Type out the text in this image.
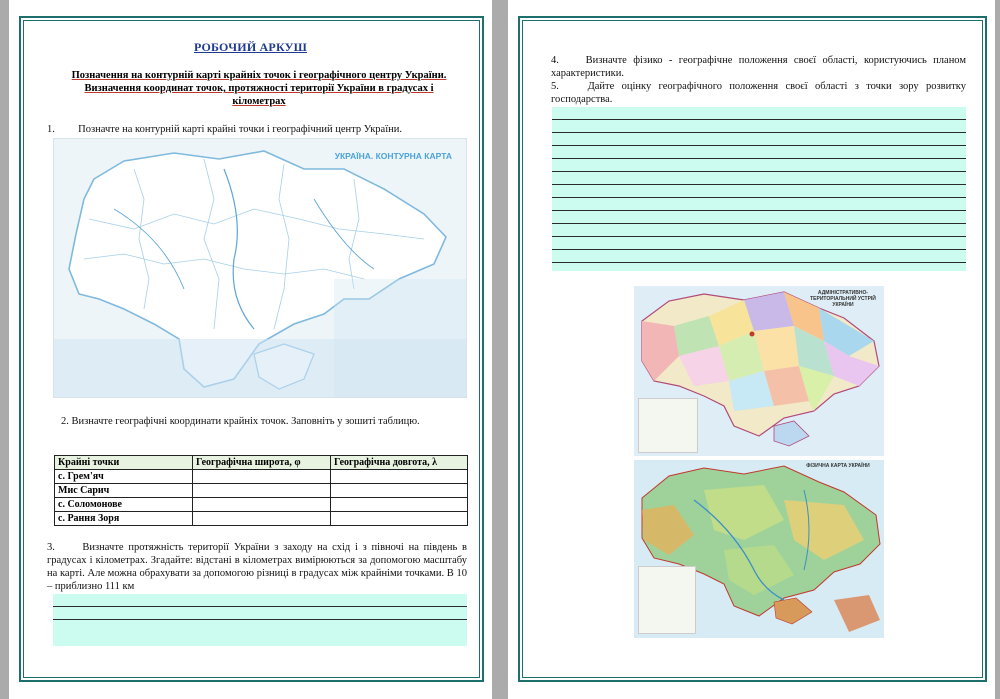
РОБОЧИЙ АРКУШ
Позначення на контурній карті крайніх точок і географічного центру України. Визначення координат точок, протяжності території України в градусах і кілометрах
1. Позначте на контурній карті крайні точки і географічний центр України.
УКРАЇНА. КОНТУРНА КАРТА
2. Визначте географічні координати крайніх точок. Заповніть у зошиті таблицю.
Крайні точки	Географічна широта, φ	Географічна довгота, λ
с. Грем'яч		
Мис Сарич		
с. Соломонове		
с. Рання Зоря		
3.	Визначте протяжність території України з заходу на схід і з півночі на південь в градусах і кілометрах. Згадайте: відстані в кілометрах вимірюються за допомогою масштабу на карті. Але можна обрахувати за допомогою різниці в градусах між крайніми точками. В 10 – приблизно 111 км
4.	Визначте фізико - географічне положення своєї області, користуючись планом характеристики.
5.	Дайте оцінку географічного положення своєї області з точки зору розвитку господарства.
АДМІНІСТРАТИВНО-ТЕРИТОРІАЛЬНИЙ УСТРІЙ УКРАЇНИ
ФІЗИЧНА КАРТА УКРАЇНИ
